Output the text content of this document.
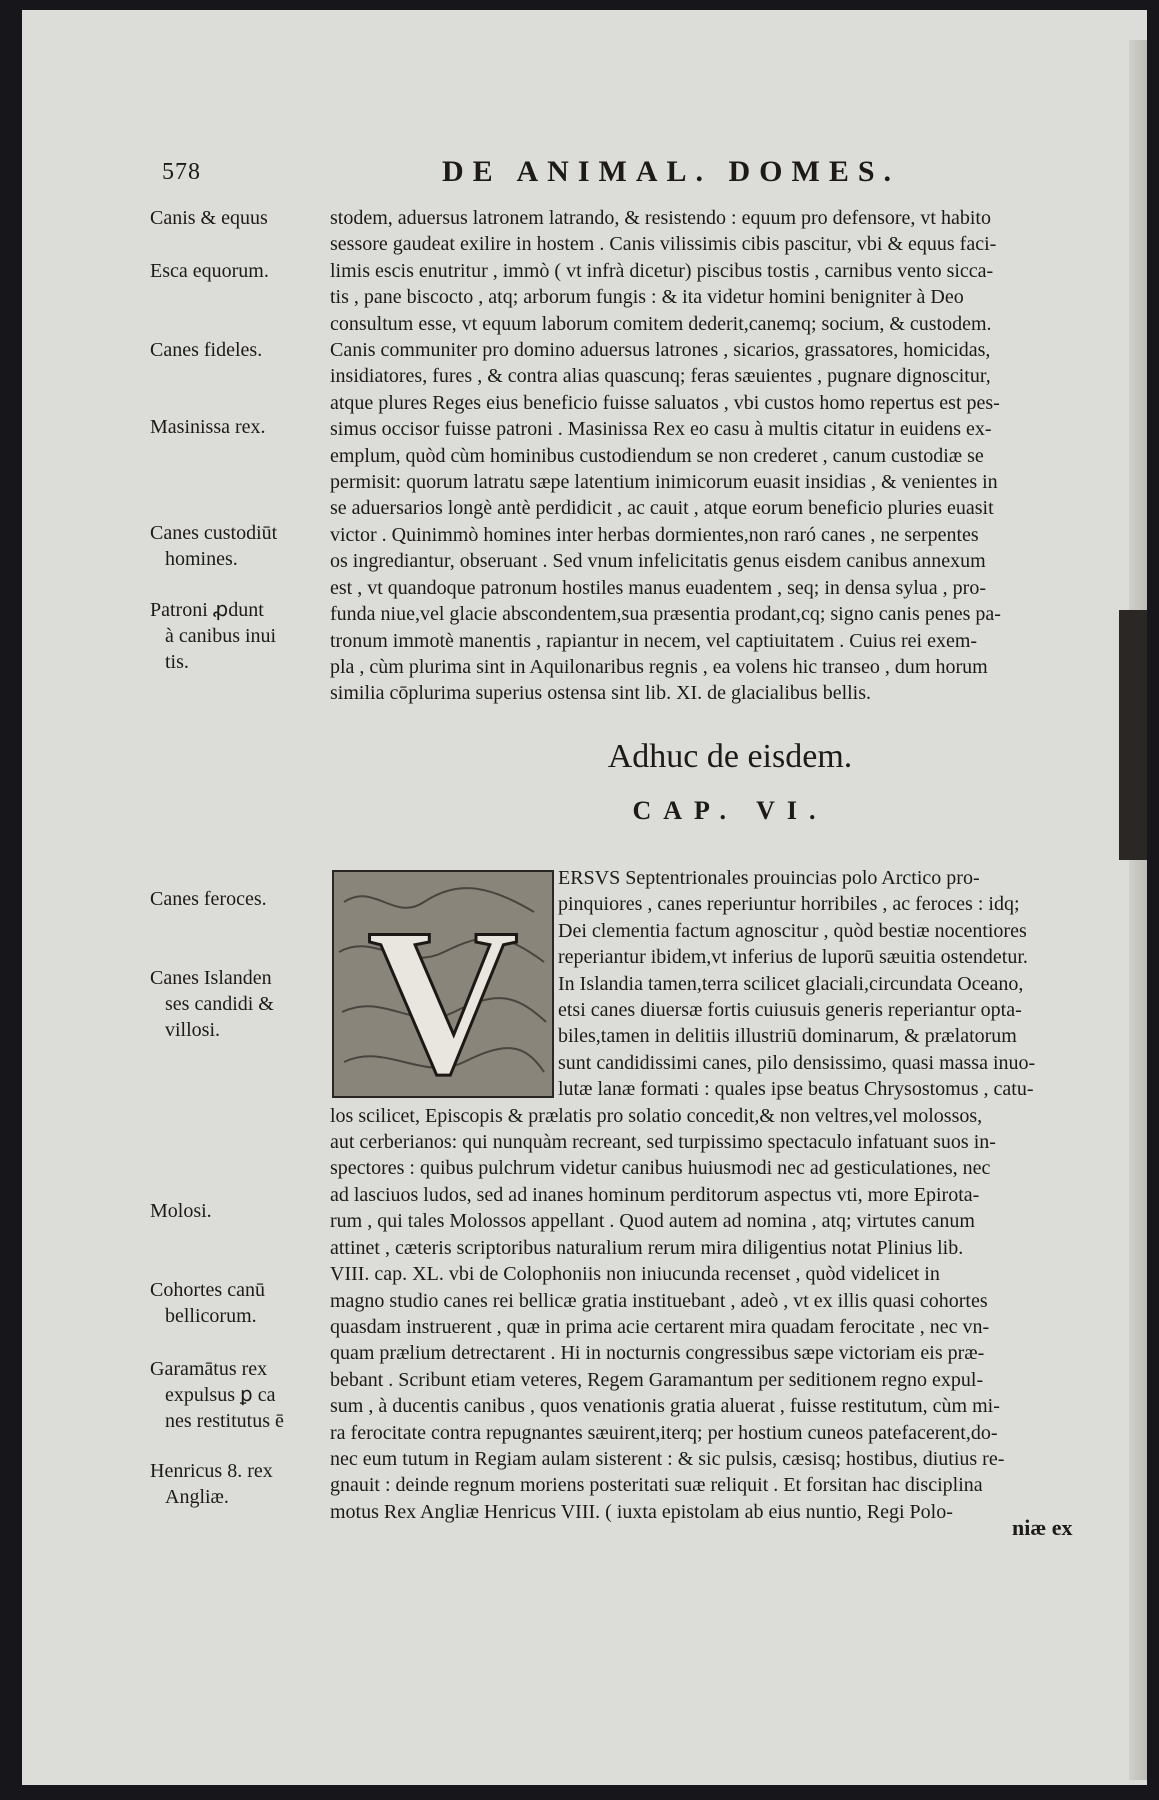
578	DE ANIMAL. DOMES.
Canis & equus
Esca equorum.
Canes fideles.
Masinissa rex.
Canes custodiūt
homines.
Patroni ꝓdunt
à canibus inui tis.
Canes feroces.
Canes Islanden
ses candidi & villosi.
Molosi.
Cohortes canū
bellicorum.
Garamātus rex
expulsus ꝑ ca nes restitutus ē
Henricus 8. rex
Angliæ.
stodem, aduersus latronem latrando, & resistendo : equum pro defensore, vt habito
sessore gaudeat exilire in hostem . Canis vilissimis cibis pascitur, vbi & equus faci-
limis escis enutritur , immò ( vt infrà dicetur) piscibus tostis , carnibus vento sicca-
tis , pane biscocto , atq; arborum fungis : & ita videtur homini benigniter à Deo
consultum esse, vt equum laborum comitem dederit,canemq; socium, & custodem.
Canis communiter pro domino aduersus latrones , sicarios, grassatores, homicidas,
insidiatores, fures , & contra alias quascunq; feras sæuientes , pugnare dignoscitur,
atque plures Reges eius beneficio fuisse saluatos , vbi custos homo repertus est pes-
simus occisor fuisse patroni . Masinissa Rex eo casu à multis citatur in euidens ex-
emplum, quòd cùm hominibus custodiendum se non crederet , canum custodiæ se
permisit: quorum latratu sæpe latentium inimicorum euasit insidias , & venientes in
se aduersarios longè antè perdidicit , ac cauit , atque eorum beneficio pluries euasit
victor . Quinimmò homines inter herbas dormientes,non raró canes , ne serpentes
os ingrediantur, obseruant . Sed vnum infelicitatis genus eisdem canibus annexum
est , vt quandoque patronum hostiles manus euadentem , seq; in densa sylua , pro-
funda niue,vel glacie abscondentem,sua præsentia prodant,cq; signo canis penes pa-
tronum immotè manentis , rapiantur in necem, vel captiuitatem . Cuius rei exem-
pla , cùm plurima sint in Aquilonaribus regnis , ea volens hic transeo , dum horum
similia cōplurima superius ostensa sint lib. XI. de glacialibus bellis.
Adhuc de eisdem.
CAP. VI.
V
ERSVS Septentrionales prouincias polo Arctico pro-
pinquiores , canes reperiuntur horribiles , ac feroces : idq;
Dei clementia factum agnoscitur , quòd bestiæ nocentiores
reperiantur ibidem,vt inferius de luporū sæuitia ostendetur.
In Islandia tamen,terra scilicet glaciali,circundata Oceano,
etsi canes diuersæ fortis cuiusuis generis reperiantur opta-
biles,tamen in delitiis illustriū dominarum, & prælatorum
sunt candidissimi canes, pilo densissimo, quasi massa inuo-
lutæ lanæ formati : quales ipse beatus Chrysostomus , catu-
los scilicet, Episcopis & prælatis pro solatio concedit,& non veltres,vel molossos,
aut cerberianos: qui nunquàm recreant, sed turpissimo spectaculo infatuant suos in-
spectores : quibus pulchrum videtur canibus huiusmodi nec ad gesticulationes, nec
ad lasciuos ludos, sed ad inanes hominum perditorum aspectus vti, more Epirota-
rum , qui tales Molossos appellant . Quod autem ad nomina , atq; virtutes canum
attinet , cæteris scriptoribus naturalium rerum mira diligentius notat Plinius lib.
VIII. cap. XL. vbi de Colophoniis non iniucunda recenset , quòd videlicet in
magno studio canes rei bellicæ gratia instituebant , adeò , vt ex illis quasi cohortes
quasdam instruerent , quæ in prima acie certarent mira quadam ferocitate , nec vn-
quam prælium detrectarent . Hi in nocturnis congressibus sæpe victoriam eis præ-
bebant . Scribunt etiam veteres, Regem Garamantum per seditionem regno expul-
sum , à ducentis canibus , quos venationis gratia aluerat , fuisse restitutum, cùm mi-
ra ferocitate contra repugnantes sæuirent,iterq; per hostium cuneos patefacerent,do-
nec eum tutum in Regiam aulam sisterent : & sic pulsis, cæsisq; hostibus, diutius re-
gnauit : deinde regnum moriens posteritati suæ reliquit . Et forsitan hac disciplina
motus Rex Angliæ Henricus VIII. ( iuxta epistolam ab eius nuntio, Regi Polo-
niæ ex
